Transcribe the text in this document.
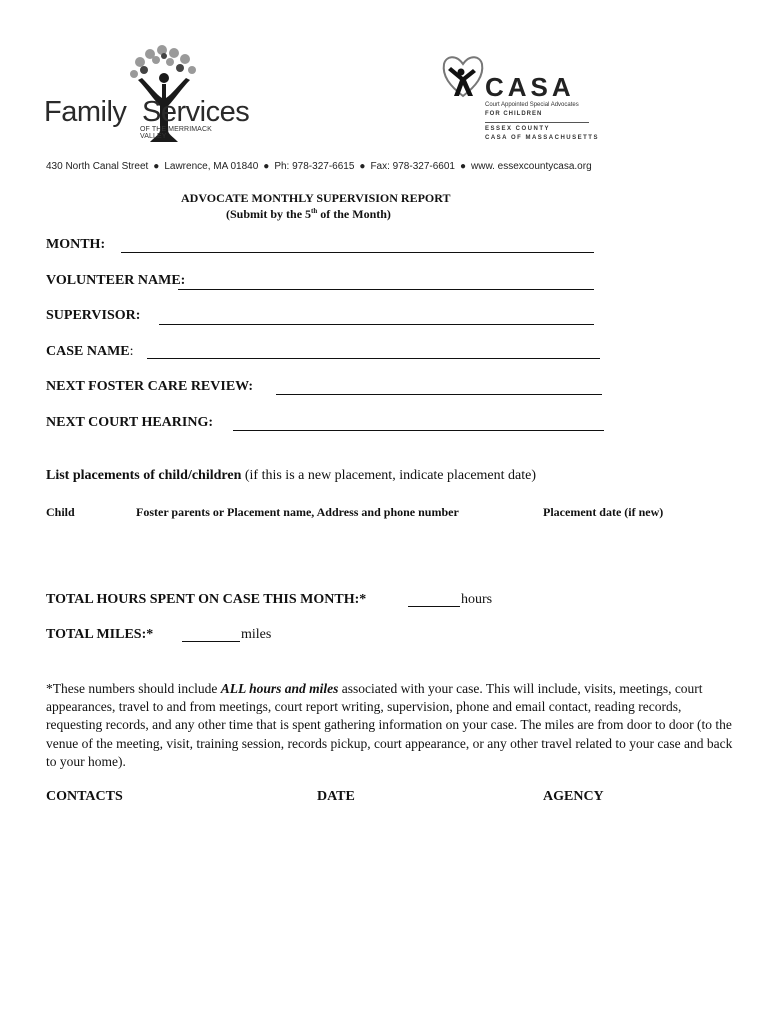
Family Services
OF THE MERRIMACK VALLEY
CASA
Court Appointed Special Advocates
FOR CHILDREN
ESSEX COUNTY
CASA OF MASSACHUSETTS
430 North Canal Street ● Lawrence, MA 01840 ● Ph: 978-327-6615 ● Fax: 978-327-6601 ● www. essexcountycasa.org
ADVOCATE MONTHLY SUPERVISION REPORT
(Submit by the 5th of the Month)
MONTH:
VOLUNTEER NAME:
SUPERVISOR:
CASE NAME:
NEXT FOSTER CARE REVIEW:
NEXT COURT HEARING:
List placements of child/children (if this is a new placement, indicate placement date)
Child	Foster parents or Placement name, Address and phone number	Placement date (if new)
TOTAL HOURS SPENT ON CASE THIS MONTH:*	hours
TOTAL MILES:*	miles
*These numbers should include ALL hours and miles associated with your case. This will include, visits, meetings, court appearances, travel to and from meetings, court report writing, supervision, phone and email contact, reading records, requesting records, and any other time that is spent gathering information on your case. The miles are from door to door (to the venue of the meeting, visit, training session, records pickup, court appearance, or any other travel related to your case and back to your home).
CONTACTS	DATE	AGENCY
